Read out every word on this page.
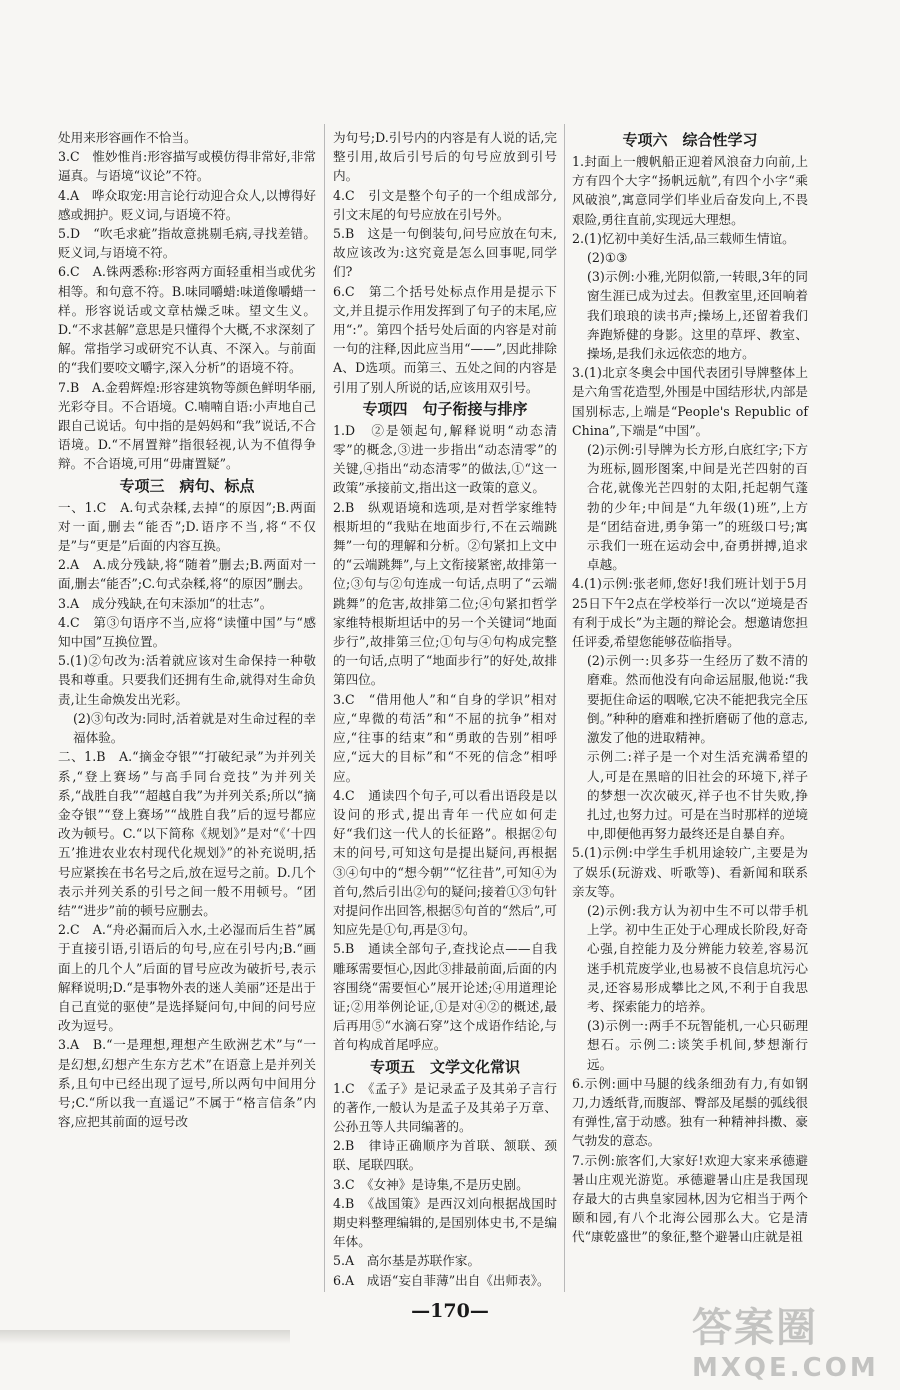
处用来形容画作不恰当。

3.C　惟妙惟肖:形容描写或模仿得非常好,非常逼真。与语境“议论”不符。

4.A　哗众取宠:用言论行动迎合众人,以博得好感或拥护。贬义词,与语境不符。

5.D　“吹毛求疵”指故意挑剔毛病,寻找差错。贬义词,与语境不符。

6.C　A.铢两悉称:形容两方面轻重相当或优劣相等。和句意不符。B.味同嚼蜡:味道像嚼蜡一样。形容说话或文章枯燥乏味。望文生义。D.“不求甚解”意思是只懂得个大概,不求深刻了解。常指学习或研究不认真、不深入。与前面的“我们要咬文嚼字,深入分析”的语境不符。

7.B　A.金碧辉煌:形容建筑物等颜色鲜明华丽,光彩夺目。不合语境。C.喃喃自语:小声地自己跟自己说话。句中指的是妈妈和“我”说话,不合语境。D.“不屑置辩”指很轻视,认为不值得争辩。不合语境,可用“毋庸置疑”。

专项三　病句、标点

一、1.C　A.句式杂糅,去掉“的原因”;B.两面对一面,删去“能否”;D.语序不当,将“不仅是”与“更是”后面的内容互换。

2.A　A.成分残缺,将“随着”删去;B.两面对一面,删去“能否”;C.句式杂糅,将“的原因”删去。

3.A　成分残缺,在句末添加“的壮志”。

4.C　第③句语序不当,应将“读懂中国”与“感知中国”互换位置。

5.(1)②句改为:活着就应该对生命保持一种敬畏和尊重。只要我们还拥有生命,就得对生命负责,让生命焕发出光彩。

(2)③句改为:同时,活着就是对生命过程的幸福体验。

二、1.B　A.“摘金夺银”“打破纪录”为并列关系,“登上赛场”与高手同台竞技”为并列关系,“战胜自我”“超越自我”为并列关系;所以“摘金夺银”“登上赛场”“战胜自我”后的逗号都应改为顿号。C.“以下简称《规划》”是对“《‘十四五’推进农业农村现代化规划》”的补充说明,括号应紧挨在书名号之后,放在逗号之前。D.几个表示并列关系的引号之间一般不用顿号。“团结”“进步”前的顿号应删去。

2.C　A.“舟必漏而后入水,土必湿而后生苔”属于直接引语,引语后的句号,应在引号内;B.“画面上的几个人”后面的冒号应改为破折号,表示解释说明;D.“是事物外表的迷人美丽”还是出于自己直觉的驱使”是选择疑问句,中间的问号应改为逗号。

3.A　B.“一是理想,理想产生欧洲艺术”与“一是幻想,幻想产生东方艺术”在语意上是并列关系,且句中已经出现了逗号,所以两句中间用分号;C.“所以我一直遥记”不属于“格言信条”内容,应把其前面的逗号改

为句号;D.引号内的内容是有人说的话,完整引用,故后引号后的句号应放到引号内。

4.C　引文是整个句子的一个组成部分,引文末尾的句号应放在引号外。

5.B　这是一句倒装句,问号应放在句末,故应该改为:这究竟是怎么回事呢,同学们?

6.C　第二个括号处标点作用是提示下文,并且提示作用发挥到了句子的末尾,应用“:”。第四个括号处后面的内容是对前一句的注释,因此应当用“——”,因此排除A、D选项。而第三、五处之间的内容是引用了别人所说的话,应该用双引号。

专项四　句子衔接与排序

1.D　②是领起句,解释说明“动态清零”的概念,③进一步指出“动态清零”的关键,④指出“动态清零”的做法,①“这一政策”承接前文,指出这一政策的意义。

2.B　纵观语境和选项,是对哲学家维特根斯坦的“我贴在地面步行,不在云端跳舞”一句的理解和分析。②句紧扣上文中的“云端跳舞”,与上文衔接紧密,故排第一位;③句与②句连成一句话,点明了“云端跳舞”的危害,故排第二位;④句紧扣哲学家维特根斯坦话中的另一个关键词“地面步行”,故排第三位;①句与④句构成完整的一句话,点明了“地面步行”的好处,故排第四位。

3.C　“借用他人”和“自身的学识”相对应,“卑微的苟活”和“不屈的抗争”相对应,“往事的结束”和“勇敢的告别”相呼应,“远大的目标”和“不死的信念”相呼应。

4.C　通读四个句子,可以看出语段是以设问的形式,提出青年一代应如何走好“我们这一代人的长征路”。根据②句末的问号,可知这句是提出疑问,再根据③④句中的“想今朝”“忆往昔”,可知④为首句,然后引出②句的疑问;接着①③句针对提问作出回答,根据⑤句首的“然后”,可知应先是①句,再是③句。

5.B　通读全部句子,查找论点——自我雕琢需要恒心,因此③排最前面,后面的内容围绕“需要恒心”展开论述;④用道理论证;②用举例论证,①是对④②的概述,最后再用⑤“水滴石穿”这个成语作结论,与首句构成首尾呼应。

专项五　文学文化常识

1.C　《孟子》是记录孟子及其弟子言行的著作,一般认为是孟子及其弟子万章、公孙丑等人共同编著的。

2.B　律诗正确顺序为首联、颔联、颈联、尾联四联。

3.C　《女神》是诗集,不是历史剧。

4.B　《战国策》是西汉刘向根据战国时期史料整理编辑的,是国别体史书,不是编年体。

5.A　高尔基是苏联作家。

6.A　成语“妄自菲薄”出自《出师表》。

专项六　综合性学习

1.封面上一艘帆船正迎着风浪奋力向前,上方有四个大字“扬帆远航”,有四个小字“乘风破浪”,寓意同学们毕业后奋发向上,不畏艰险,勇往直前,实现远大理想。

2.(1)忆初中美好生活,品三载师生情谊。

(2)①③

(3)示例:小雅,光阴似箭,一转眼,3年的同窗生涯已成为过去。但教室里,还回响着我们琅琅的读书声;操场上,还留着我们奔跑矫健的身影。这里的草坪、教室、操场,是我们永远依恋的地方。

3.(1)北京冬奥会中国代表团引导牌整体上是六角雪花造型,外围是中国结形状,内部是国别标志,上端是“People's Republic of China”,下端是“中国”。

(2)示例:引导牌为长方形,白底红字;下方为班标,圆形图案,中间是光芒四射的百合花,就像光芒四射的太阳,托起朝气蓬勃的少年;中间是“九年级(1)班”,上方是“团结奋进,勇争第一”的班级口号;寓示我们一班在运动会中,奋勇拼搏,追求卓越。

4.(1)示例:张老师,您好!我们班计划于5月25日下午2点在学校举行一次以“逆境是否有利于成长”为主题的辩论会。想邀请您担任评委,希望您能够莅临指导。

(2)示例一:贝多芬一生经历了数不清的磨难。然而他没有向命运屈服,他说:“我要扼住命运的咽喉,它决不能把我完全压倒。”种种的磨难和挫折磨砺了他的意志,激发了他的进取精神。

示例二:祥子是一个对生活充满希望的人,可是在黑暗的旧社会的环境下,祥子的梦想一次次破灭,祥子也不甘失败,挣扎过,也努力过。可是在当时那样的逆境中,即便他再努力最终还是自暴自弃。

5.(1)示例:中学生手机用途较广,主要是为了娱乐(玩游戏、听歌等)、看新闻和联系亲友等。

(2)示例:我方认为初中生不可以带手机上学。初中生正处于心理成长阶段,好奇心强,自控能力及分辨能力较差,容易沉迷手机荒废学业,也易被不良信息坑污心灵,还容易形成攀比之风,不利于自我思考、探索能力的培养。

(3)示例一:两手不玩智能机,一心只砺理想石。示例二:谈笑手机间,梦想渐行远。

6.示例:画中马腿的线条细劲有力,有如钢刀,力透纸背,而腹部、臀部及尾鬃的弧线很有弹性,富于动感。独有一种精神抖擞、豪气勃发的意态。

7.示例:旅客们,大家好!欢迎大家来承德避暑山庄观光游览。承德避暑山庄是我国现存最大的古典皇家园林,因为它相当于两个颐和园,有八个北海公园那么大。它是清代“康乾盛世”的象征,整个避暑山庄就是祖

—170—	答案圈
MXQE.COM
